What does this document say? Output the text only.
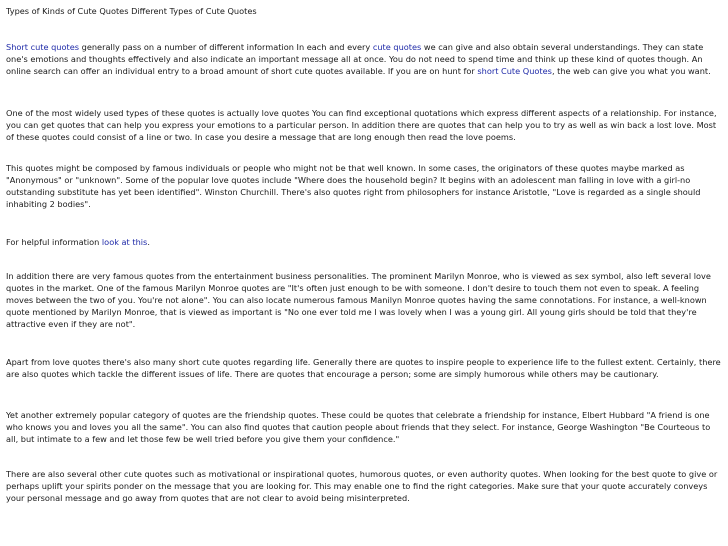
Types of Kinds of Cute Quotes Different Types of Cute Quotes

Short cute quotes generally pass on a number of different information In each and every cute quotes we can give and also obtain several understandings. They can state one's emotions and thoughts effectively and also indicate an important message all at once. You do not need to spend time and think up these kind of quotes though. An online search can offer an individual entry to a broad amount of short cute quotes available. If you are on hunt for short Cute Quotes, the web can give you what you want.

One of the most widely used types of these quotes is actually love quotes You can find exceptional quotations which express different aspects of a relationship. For instance, you can get quotes that can help you express your emotions to a particular person. In addition there are quotes that can help you to try as well as win back a lost love. Most of these quotes could consist of a line or two. In case you desire a message that are long enough then read the love poems.

This quotes might be composed by famous individuals or people who might not be that well known. In some cases, the originators of these quotes maybe marked as "Anonymous" or "unknown". Some of the popular love quotes include "Where does the household begin? It begins with an adolescent man falling in love with a girl-no outstanding substitute has yet been identified". Winston Churchill. There's also quotes right from philosophers for instance Aristotle, "Love is regarded as a single should inhabiting 2 bodies".

For helpful information look at this.

In addition there are very famous quotes from the entertainment business personalities. The prominent Marilyn Monroe, who is viewed as sex symbol, also left several love quotes in the market. One of the famous Marilyn Monroe quotes are "It's often just enough to be with someone. I don't desire to touch them not even to speak. A feeling moves between the two of you. You're not alone". You can also locate numerous famous Manilyn Monroe quotes having the same connotations. For instance, a well-known quote mentioned by Marilyn Monroe, that is viewed as important is "No one ever told me I was lovely when I was a young girl. All young girls should be told that they're attractive even if they are not".

Apart from love quotes there's also many short cute quotes regarding life. Generally there are quotes to inspire people to experience life to the fullest extent. Certainly, there are also quotes which tackle the different issues of life. There are quotes that encourage a person; some are simply humorous while others may be cautionary.

Yet another extremely popular category of quotes are the friendship quotes. These could be quotes that celebrate a friendship for instance, Elbert Hubbard "A friend is one who knows you and loves you all the same". You can also find quotes that caution people about friends that they select. For instance, George Washington "Be Courteous to all, but intimate to a few and let those few be well tried before you give them your confidence."

There are also several other cute quotes such as motivational or inspirational quotes, humorous quotes, or even authority quotes. When looking for the best quote to give or perhaps uplift your spirits ponder on the message that you are looking for. This may enable one to find the right categories. Make sure that your quote accurately conveys your personal message and go away from quotes that are not clear to avoid being misinterpreted.
